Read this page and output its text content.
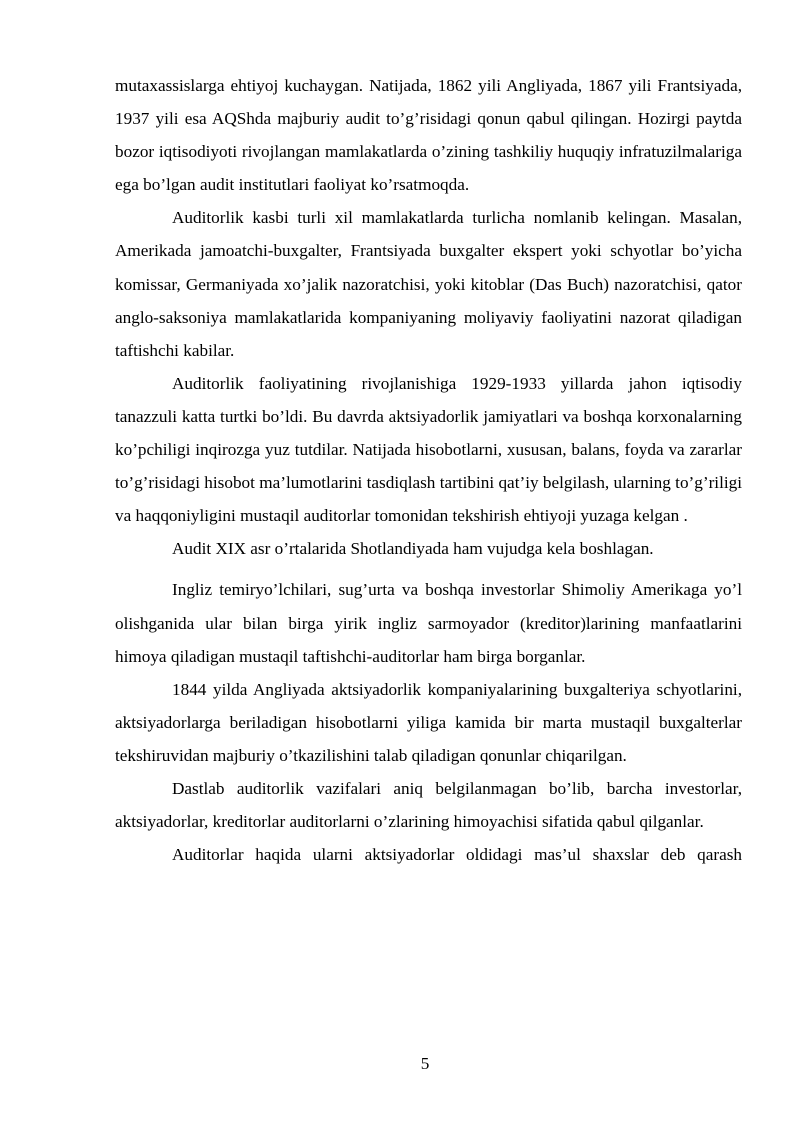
mutaxassislarga ehtiyoj kuchaygan. Natijada, 1862 yili Angliyada, 1867 yili Frantsiyada, 1937 yili esa AQShda majburiy audit to’g’risidagi qonun qabul qilingan. Hozirgi paytda bozor iqtisodiyoti rivojlangan mamlakatlarda o’zining tashkiliy huquqiy infratuzilmalariga ega bo’lgan audit institutlari faoliyat ko’rsatmoqda.

Auditorlik kasbi turli xil mamlakatlarda turlicha nomlanib kelingan. Masalan, Amerikada jamoatchi-buxgalter, Frantsiyada buxgalter ekspert yoki schyotlar bo’yicha komissar, Germaniyada xo’jalik nazoratchisi, yoki kitoblar (Das Buch) nazoratchisi, qator anglo-saksoniya mamlakatlarida kompaniyaning moliyaviy faoliyatini nazorat qiladigan taftishchi kabilar.

Auditorlik faoliyatining rivojlanishiga 1929-1933 yillarda jahon iqtisodiy tanazzuli katta turtki bo’ldi. Bu davrda aktsiyadorlik jamiyatlari va boshqa korxonalarning ko’pchiligi inqirozga yuz tutdilar. Natijada hisobotlarni, xususan, balans, foyda va zararlar to’g’risidagi hisobot ma’lumotlarini tasdiqlash tartibini qat’iy belgilash, ularning to’g’riligi va haqqoniyligini mustaqil auditorlar tomonidan tekshirish ehtiyoji yuzaga kelgan .

Audit XIX asr o’rtalarida Shotlandiyada ham vujudga kela boshlagan.

Ingliz temiryo’lchilari, sug’urta va boshqa investorlar Shimoliy Amerikaga yo’l olishganida ular bilan birga yirik ingliz sarmoyador (kreditor)larining manfaatlarini himoya qiladigan mustaqil taftishchi-auditorlar ham birga borganlar.

1844 yilda Angliyada aktsiyadorlik kompaniyalarining buxgalteriya schyotlarini, aktsiyadorlarga beriladigan hisobotlarni yiliga kamida bir marta mustaqil buxgalterlar tekshiruvidan majburiy o’tkazilishini talab qiladigan qonunlar chiqarilgan.

Dastlab auditorlik vazifalari aniq belgilanmagan bo’lib, barcha investorlar, aktsiyadorlar, kreditorlar auditorlarni o’zlarining himoyachisi sifatida qabul qilganlar.

Auditorlar haqida ularni aktsiyadorlar oldidagi mas’ul shaxslar deb qarash

5
